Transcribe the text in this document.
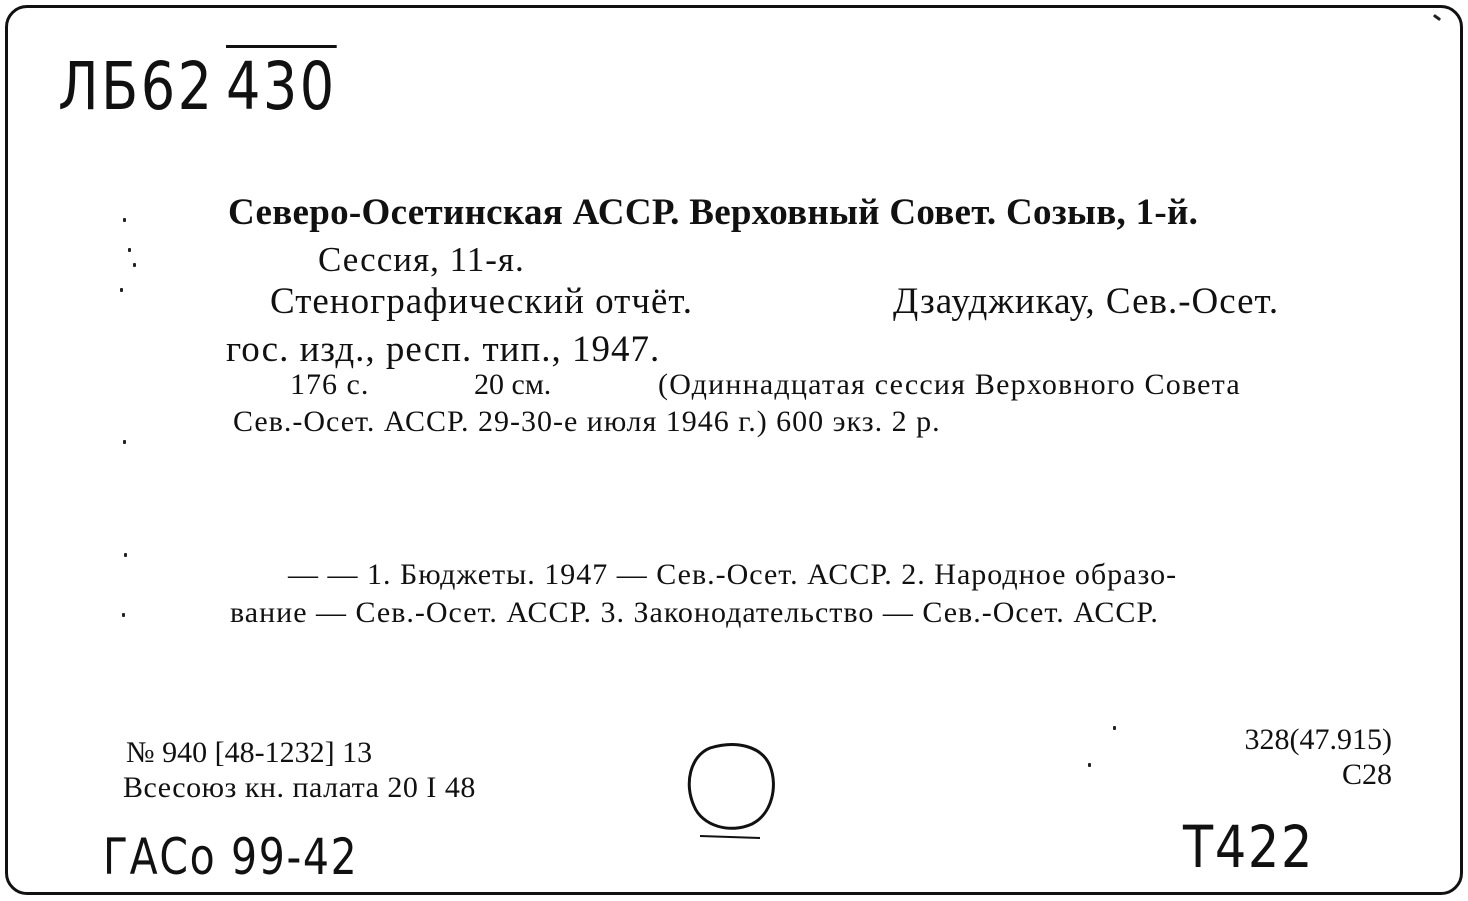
ЛБ62 430
Северо-Осетинская АССР. Верховный Совет. Созыв, 1-й.
Сессия, 11-я.
Стенографический отчёт.	Дзауджикау, Сев.-Осет.
гос. изд., респ. тип., 1947.
176 с.	20 см.	(Одиннадцатая сессия Верховного Совета
Сев.-Осет. АССР. 29-30-е июля 1946 г.) 600 экз. 2 р.
— — 1. Бюджеты. 1947 — Сев.-Осет. АССР. 2. Народное образо-
вание — Сев.-Осет. АССР. 3. Законодательство — Сев.-Осет. АССР.
№ 940 [48-1232] 13
Всесоюз кн. палата 20 I 48
328(47.915)
С28
ГАСо 99-42	Т422
